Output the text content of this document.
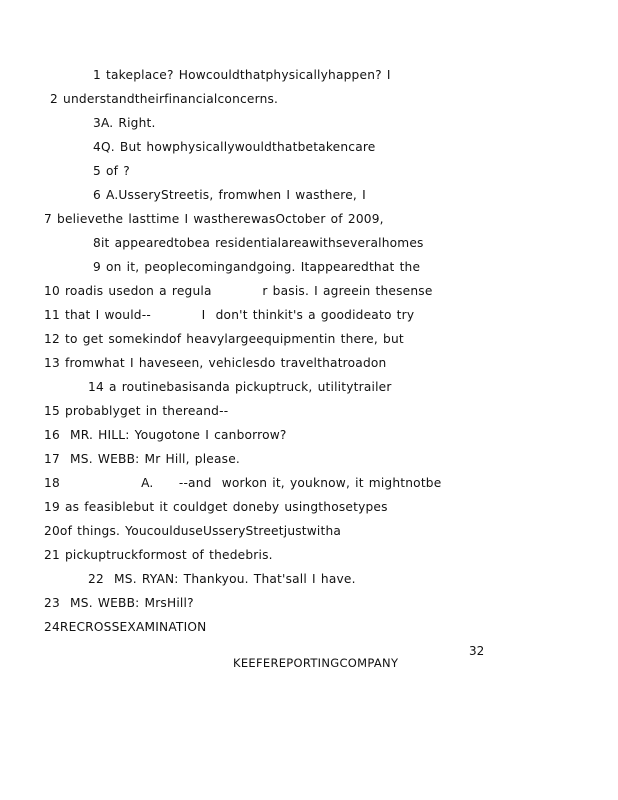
1 takeplace? Howcouldthatphysicallyhappen? I
2 understandtheirfinancialconcerns.
3A. Right.
4Q. But howphysicallywouldthatbetakencare
5 of ?
6 A.UsseryStreetis, fromwhen I wasthere, I
7 believethe lasttime I wastherewasOctober of 2009,
8it appearedtobea residentialareawithseveralhomes
9 on it, peoplecomingandgoing. Itappearedthat the
10 roadis usedon a regula          r basis. I agreein thesense
11 that I would--          I  don't thinkit's a goodideato try
12 to get somekindof heavylargeequipmentin there, but
13 fromwhat I haveseen, vehiclesdo travelthatroadon
14 a routinebasisanda pickuptruck, utilitytrailer
15 probablyget in thereand--
16  MR. HILL: Yougotone I canborrow?
17  MS. WEBB: Mr Hill, please.
18                A.     --and  workon it, youknow, it mightnotbe
19 as feasiblebut it couldget doneby usingthosetypes
20of things. YoucoulduseUsseryStreetjustwitha
21 pickuptruckformost of thedebris.
22  MS. RYAN: Thankyou. That'sall I have.
23  MS. WEBB: MrsHill?
24RECROSSEXAMINATION
32
KEEFEREPORTINGCOMPANY
